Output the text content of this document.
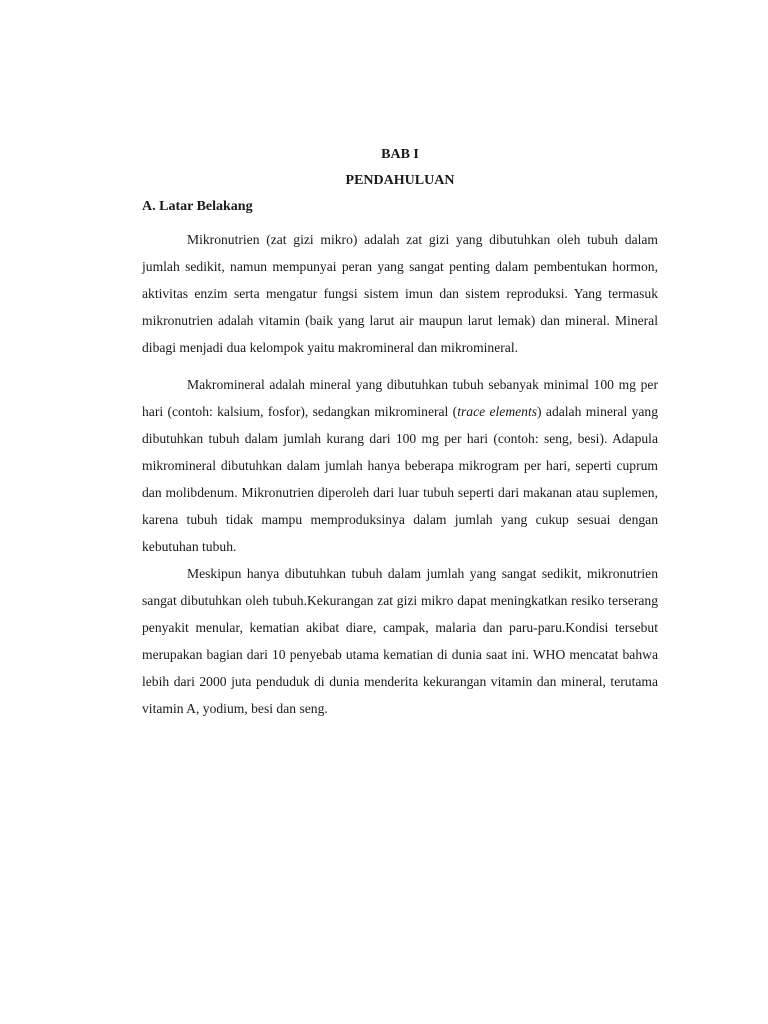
BAB I

PENDAHULUAN

A. Latar Belakang

Mikronutrien (zat gizi mikro) adalah zat gizi yang dibutuhkan oleh tubuh dalam jumlah sedikit, namun mempunyai peran yang sangat penting dalam pembentukan hormon, aktivitas enzim serta mengatur fungsi sistem imun dan sistem reproduksi. Yang termasuk mikronutrien adalah vitamin (baik yang larut air maupun larut lemak) dan mineral. Mineral dibagi menjadi dua kelompok yaitu makromineral dan mikromineral.

Makromineral adalah mineral yang dibutuhkan tubuh sebanyak minimal 100 mg per hari (contoh: kalsium, fosfor), sedangkan mikromineral (trace elements) adalah mineral yang dibutuhkan tubuh dalam jumlah kurang dari 100 mg per hari (contoh: seng, besi). Adapula mikromineral dibutuhkan dalam jumlah hanya beberapa mikrogram per hari, seperti cuprum dan molibdenum. Mikronutrien diperoleh dari luar tubuh seperti dari makanan atau suplemen, karena tubuh tidak mampu memproduksinya dalam jumlah yang cukup sesuai dengan kebutuhan tubuh.

Meskipun hanya dibutuhkan tubuh dalam jumlah yang sangat sedikit, mikronutrien sangat dibutuhkan oleh tubuh.Kekurangan zat gizi mikro dapat meningkatkan resiko terserang penyakit menular, kematian akibat diare, campak, malaria dan paru-paru.Kondisi tersebut merupakan bagian dari 10 penyebab utama kematian di dunia saat ini. WHO mencatat bahwa lebih dari 2000 juta penduduk di dunia menderita kekurangan vitamin dan mineral, terutama vitamin A, yodium, besi dan seng.
